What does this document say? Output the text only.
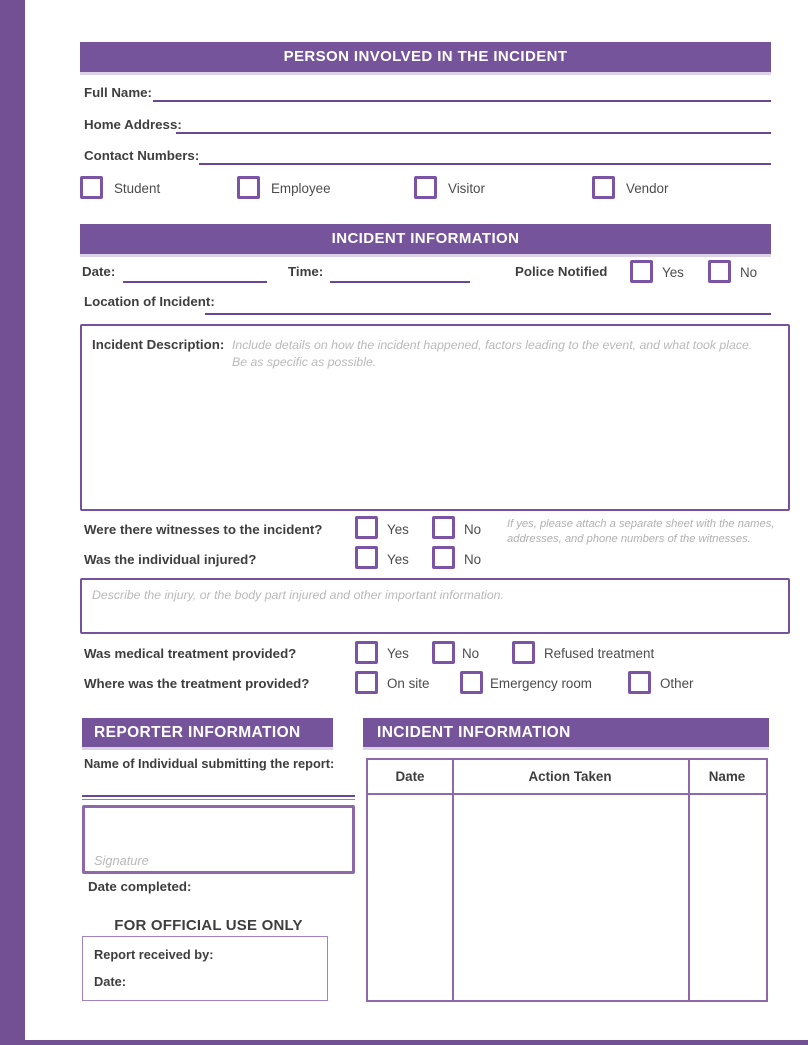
PERSON INVOLVED IN THE INCIDENT
Full Name:
Home Address:
Contact Numbers:
Student	Employee	Visitor	Vendor
INCIDENT INFORMATION
Date:	Time:	Police Notified	Yes	No
Location of Incident:
Incident Description: Include details on how the incident happened, factors leading to the event, and what took place.
Be as specific as possible.
Were there witnesses to the incident?	Yes	No If yes, please attach a separate sheet with the names,
addresses, and phone numbers of the witnesses.
Was the individual injured?	Yes	No
Describe the injury, or the body part injured and other important information.
Was medical treatment provided?	Yes	No	Refused treatment
Where was the treatment provided?	On site	Emergency room	Other
REPORTER INFORMATION
Name of Individual submitting the report:
Signature
Date completed:
FOR OFFICIAL USE ONLY
Report received by:
Date:
INCIDENT INFORMATION
Date	Action Taken	Name
